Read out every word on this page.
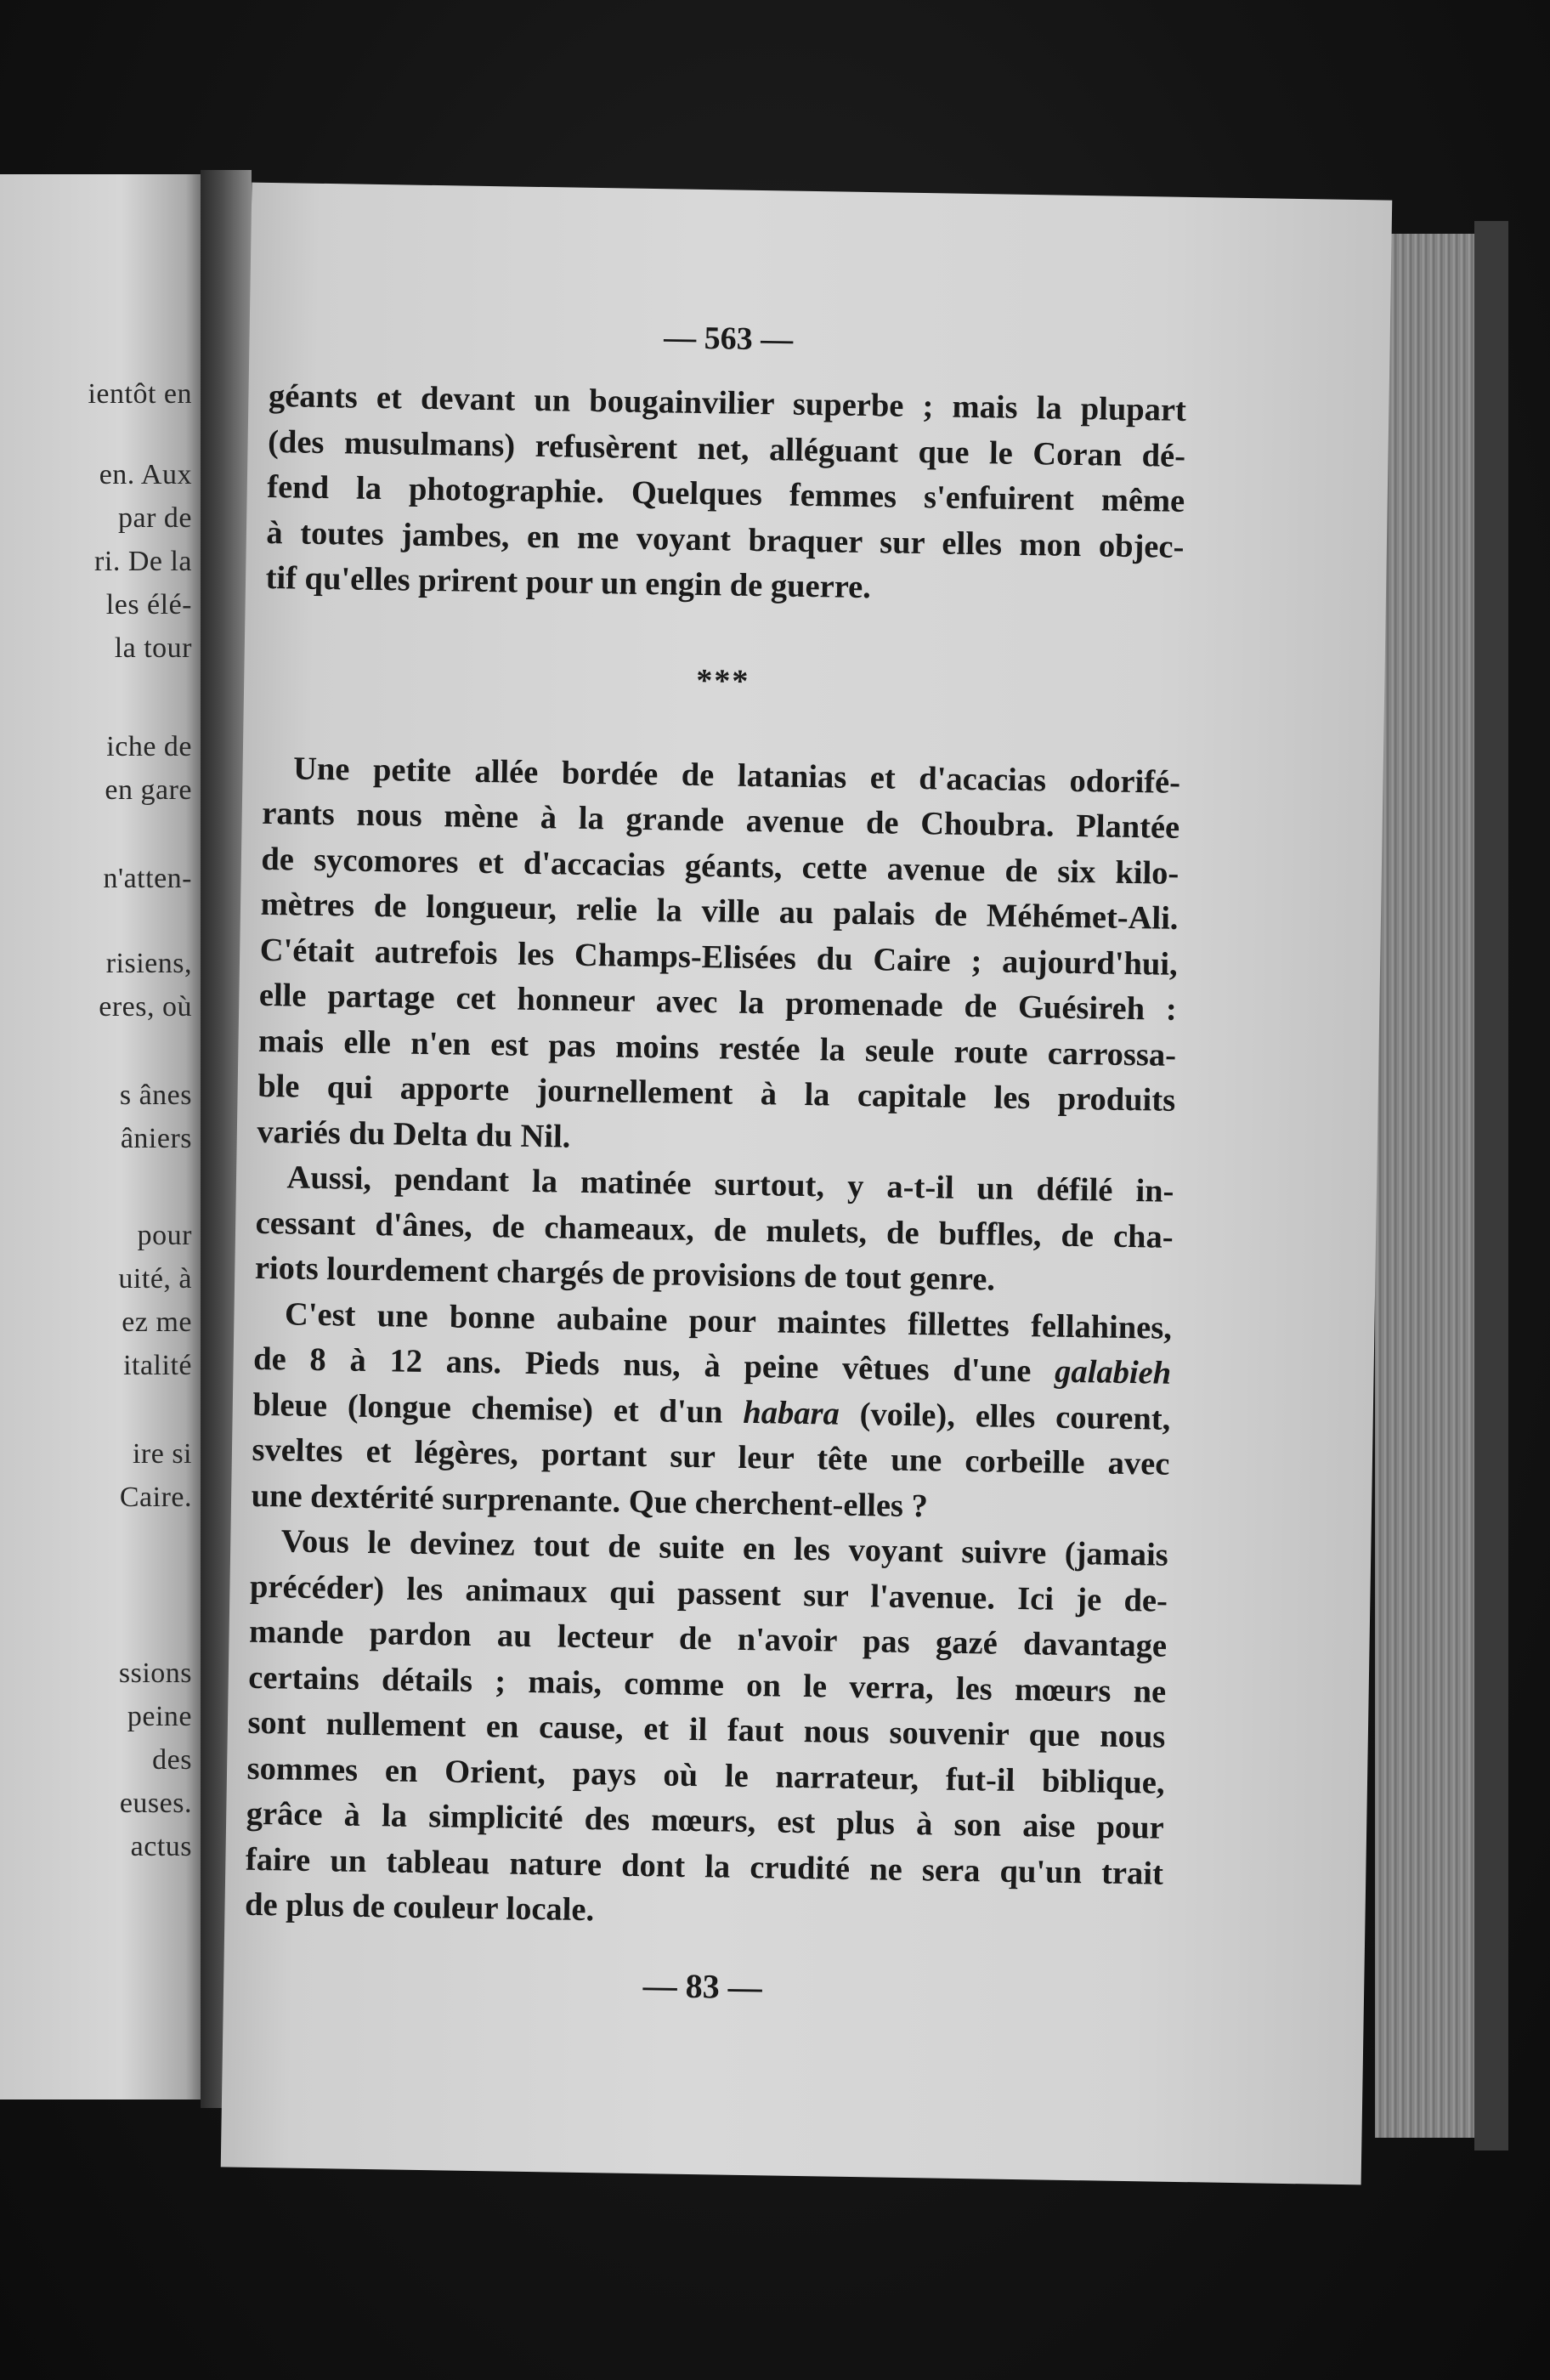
ientôt en
en. Aux
par de
ri. De la
les élé-
la tour
iche de
en gare
n'atten-
risiens,
eres, où
s ânes
âniers
pour
uité, à
ez me
italité
ire si
Caire.
ssions
peine
des
euses.
actus
— 563 —
géants et devant un bougainvilier superbe ; mais la plupart
(des musulmans) refusèrent net, alléguant que le Coran dé-
fend la photographie. Quelques femmes s'enfuirent même
à toutes jambes, en me voyant braquer sur elles mon objec-
tif qu'elles prirent pour un engin de guerre.
***
Une petite allée bordée de latanias et d'acacias odorifé-
rants nous mène à la grande avenue de Choubra. Plantée
de sycomores et d'accacias géants, cette avenue de six kilo-
mètres de longueur, relie la ville au palais de Méhémet-Ali.
C'était autrefois les Champs-Elisées du Caire ; aujourd'hui,
elle partage cet honneur avec la promenade de Guésireh :
mais elle n'en est pas moins restée la seule route carrossa-
ble qui apporte journellement à la capitale les produits
variés du Delta du Nil.
Aussi, pendant la matinée surtout, y a-t-il un défilé in-
cessant d'ânes, de chameaux, de mulets, de buffles, de cha-
riots lourdement chargés de provisions de tout genre.
C'est une bonne aubaine pour maintes fillettes fellahines,
de 8 à 12 ans. Pieds nus, à peine vêtues d'une galabieh
bleue (longue chemise) et d'un habara (voile), elles courent,
sveltes et légères, portant sur leur tête une corbeille avec
une dextérité surprenante. Que cherchent-elles ?
Vous le devinez tout de suite en les voyant suivre (jamais
précéder) les animaux qui passent sur l'avenue. Ici je de-
mande pardon au lecteur de n'avoir pas gazé davantage
certains détails ; mais, comme on le verra, les mœurs ne
sont nullement en cause, et il faut nous souvenir que nous
sommes en Orient, pays où le narrateur, fut-il biblique,
grâce à la simplicité des mœurs, est plus à son aise pour
faire un tableau nature dont la crudité ne sera qu'un trait
de plus de couleur locale.
— 83 —
